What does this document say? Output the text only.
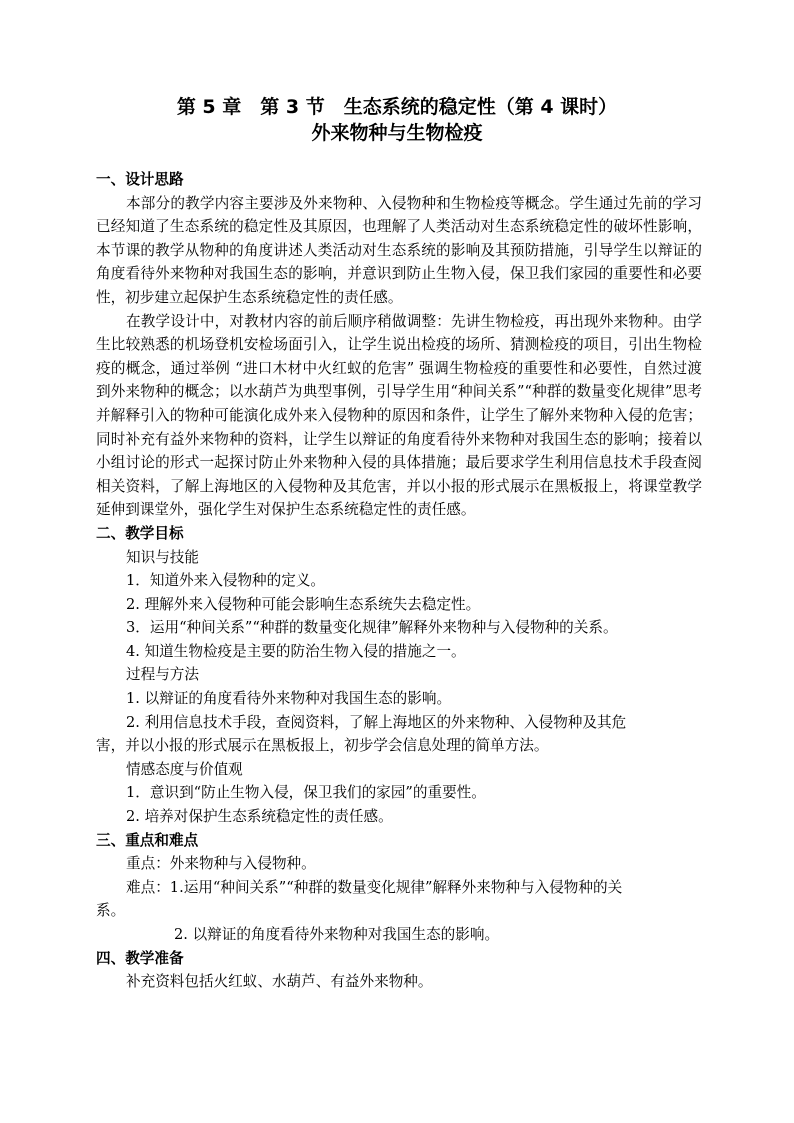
第 5 章　第 3 节　生态系统的稳定性（第 4 课时）
外来物种与生物检疫

一、设计思路

本部分的教学内容主要涉及外来物种、入侵物种和生物检疫等概念。学生通过先前的学习已经知道了生态系统的稳定性及其原因，也理解了人类活动对生态系统稳定性的破坏性影响，本节课的教学从物种的角度讲述人类活动对生态系统的影响及其预防措施，引导学生以辩证的角度看待外来物种对我国生态的影响，并意识到防止生物入侵，保卫我们家园的重要性和必要性，初步建立起保护生态系统稳定性的责任感。

在教学设计中，对教材内容的前后顺序稍做调整：先讲生物检疫，再出现外来物种。由学生比较熟悉的机场登机安检场面引入，让学生说出检疫的场所、猜测检疫的项目，引出生物检疫的概念，通过举例 “进口木材中火红蚁的危害” 强调生物检疫的重要性和必要性，自然过渡到外来物种的概念；以水葫芦为典型事例，引导学生用“种间关系”“种群的数量变化规律”思考并解释引入的物种可能演化成外来入侵物种的原因和条件，让学生了解外来物种入侵的危害；同时补充有益外来物种的资料，让学生以辩证的角度看待外来物种对我国生态的影响；接着以小组讨论的形式一起探讨防止外来物种入侵的具体措施；最后要求学生利用信息技术手段查阅相关资料，了解上海地区的入侵物种及其危害，并以小报的形式展示在黑板报上，将课堂教学延伸到课堂外，强化学生对保护生态系统稳定性的责任感。

二、教学目标

知识与技能

1．知道外来入侵物种的定义。

2. 理解外来入侵物种可能会影响生态系统失去稳定性。

3．运用“种间关系”“种群的数量变化规律”解释外来物种与入侵物种的关系。

4. 知道生物检疫是主要的防治生物入侵的措施之一。

过程与方法

1. 以辩证的角度看待外来物种对我国生态的影响。

2. 利用信息技术手段，查阅资料，了解上海地区的外来物种、入侵物种及其危

害，并以小报的形式展示在黑板报上，初步学会信息处理的简单方法。

情感态度与价值观

1．意识到“防止生物入侵，保卫我们的家园”的重要性。

2. 培养对保护生态系统稳定性的责任感。

三、重点和难点

重点：外来物种与入侵物种。

难点：1.运用“种间关系”“种群的数量变化规律”解释外来物种与入侵物种的关

系。

2. 以辩证的角度看待外来物种对我国生态的影响。

四、教学准备

补充资料包括火红蚁、水葫芦、有益外来物种。
